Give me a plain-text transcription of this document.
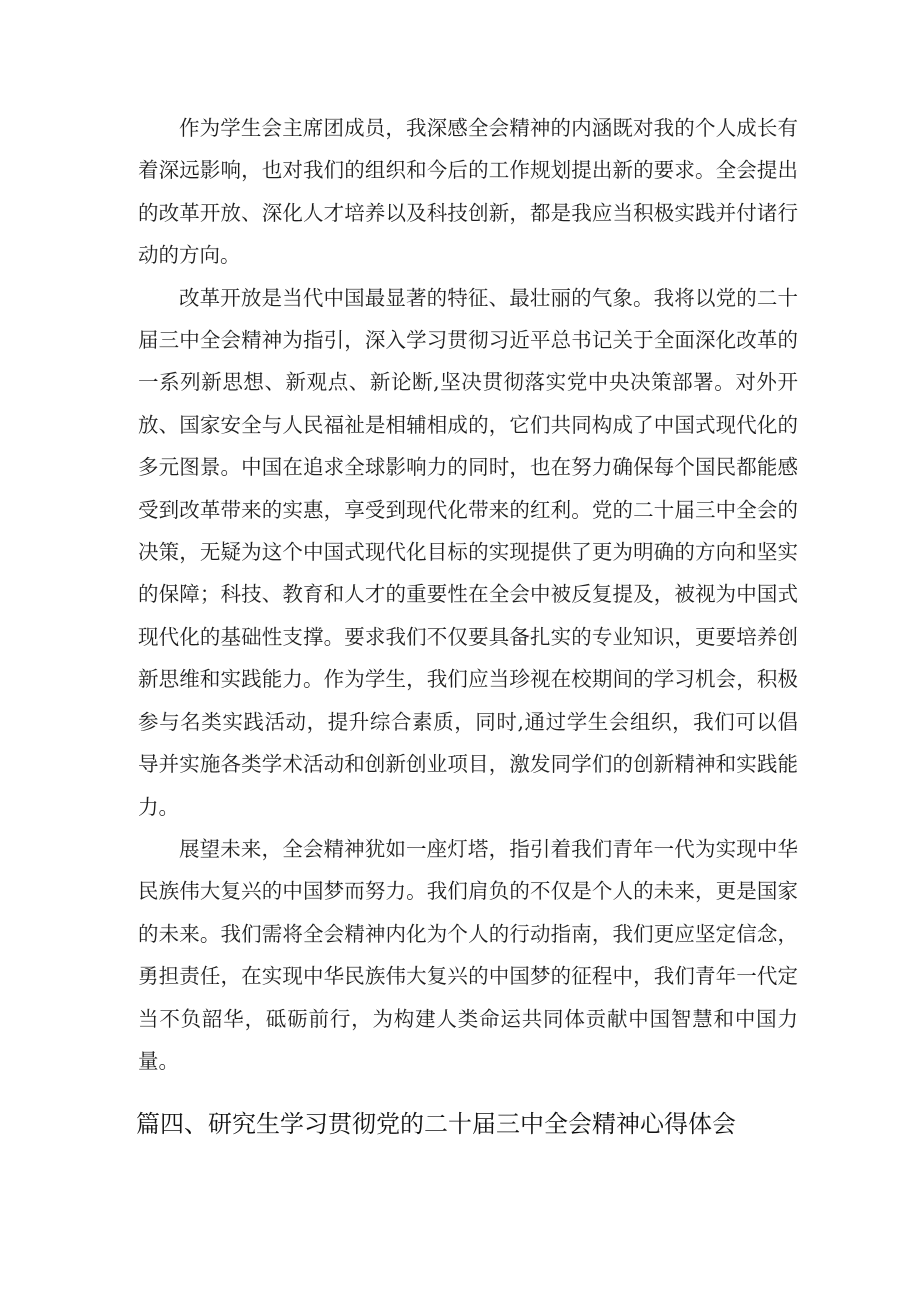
作为学生会主席团成员，我深感全会精神的内涵既对我的个人成长有着深远影响，也对我们的组织和今后的工作规划提出新的要求。全会提出的改革开放、深化人才培养以及科技创新，都是我应当积极实践并付诸行动的方向。

改革开放是当代中国最显著的特征、最壮丽的气象。我将以党的二十届三中全会精神为指引，深入学习贯彻习近平总书记关于全面深化改革的一系列新思想、新观点、新论断,坚决贯彻落实党中央决策部署。对外开放、国家安全与人民福祉是相辅相成的，它们共同构成了中国式现代化的多元图景。中国在追求全球影响力的同时，也在努力确保每个国民都能感受到改革带来的实惠，享受到现代化带来的红利。党的二十届三中全会的决策，无疑为这个中国式现代化目标的实现提供了更为明确的方向和坚实的保障；科技、教育和人才的重要性在全会中被反复提及，被视为中国式现代化的基础性支撑。要求我们不仅要具备扎实的专业知识，更要培养创新思维和实践能力。作为学生，我们应当珍视在校期间的学习机会，积极参与名类实践活动，提升综合素质，同时,通过学生会组织，我们可以倡导并实施各类学术活动和创新创业项目，激发同学们的创新精神和实践能力。

展望未来，全会精神犹如一座灯塔，指引着我们青年一代为实现中华民族伟大复兴的中国梦而努力。我们肩负的不仅是个人的未来，更是国家的未来。我们需将全会精神内化为个人的行动指南，我们更应坚定信念，勇担责任，在实现中华民族伟大复兴的中国梦的征程中，我们青年一代定当不负韶华，砥砺前行，为构建人类命运共同体贡献中国智慧和中国力量。

篇四、研究生学习贯彻党的二十届三中全会精神心得体会
